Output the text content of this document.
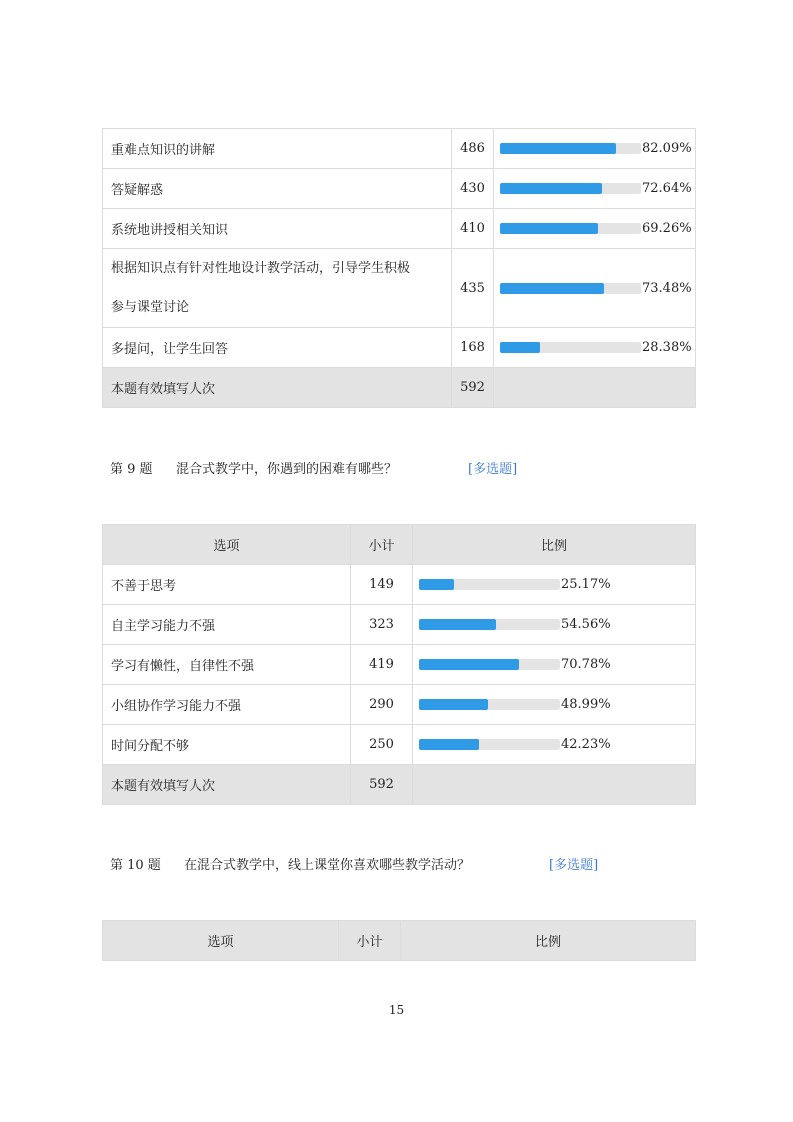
重难点知识的讲解	486	82.09%

答疑解惑	430	72.64%

系统地讲授相关知识	410	69.26%

根据知识点有针对性地设计教学活动，引导学生积极
参与课堂讨论	435	73.48%

多提问，让学生回答	168	28.38%

本题有效填写人次	592	
第 9 题 混合式教学中，你遇到的困难有哪些？	[多选题]
选项	小计	比例
不善于思考	149	25.17%

自主学习能力不强	323	54.56%

学习有懒性，自律性不强	419	70.78%

小组协作学习能力不强	290	48.99%

时间分配不够	250	42.23%

本题有效填写人次	592	
第 10 题 在混合式教学中，线上课堂你喜欢哪些教学活动？	[多选题]
选项	小计	比例
15
